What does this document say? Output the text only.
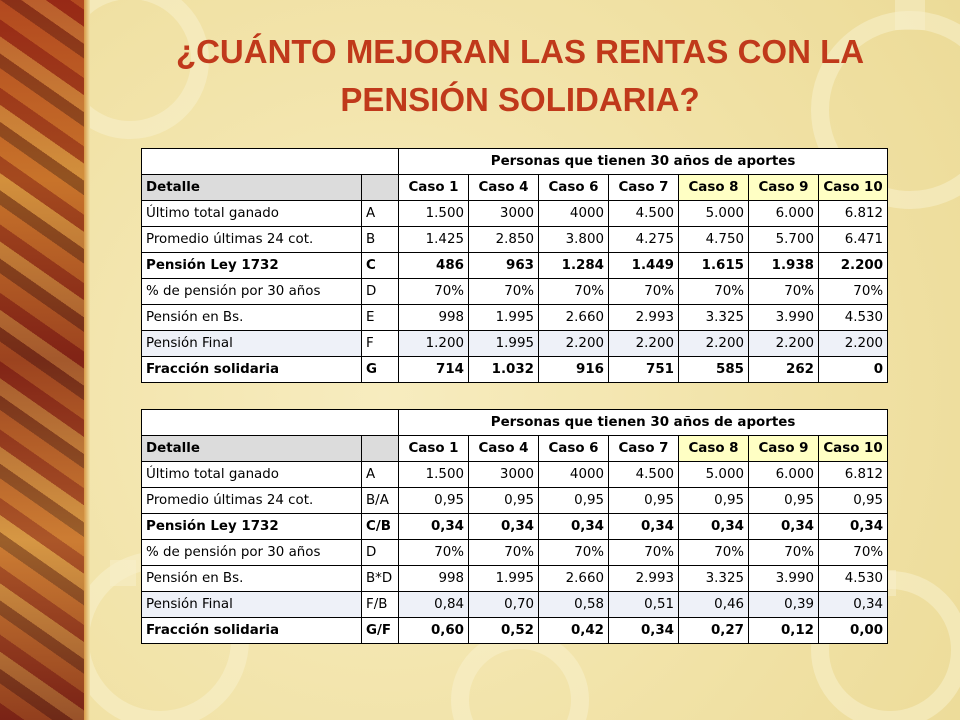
¿CUÁNTO MEJORAN LAS RENTAS CON LA
PENSIÓN SOLIDARIA?
		Personas que tienen 30 años de aportes						
Detalle		Caso 1	Caso 4	Caso 6	Caso 7	Caso 8	Caso 9	Caso 10
Último total ganado	A	1.500	3000	4000	4.500	5.000	6.000	6.812
Promedio últimas 24 cot.	B	1.425	2.850	3.800	4.275	4.750	5.700	6.471
Pensión Ley 1732	C	486	963	1.284	1.449	1.615	1.938	2.200
% de pensión por 30 años	D	70%	70%	70%	70%	70%	70%	70%
Pensión en Bs.	E	998	1.995	2.660	2.993	3.325	3.990	4.530
Pensión Final	F	1.200	1.995	2.200	2.200	2.200	2.200	2.200
Fracción solidaria	G	714	1.032	916	751	585	262	0
		Personas que tienen 30 años de aportes						
Detalle		Caso 1	Caso 4	Caso 6	Caso 7	Caso 8	Caso 9	Caso 10
Último total ganado	A	1.500	3000	4000	4.500	5.000	6.000	6.812
Promedio últimas 24 cot.	B/A	0,95	0,95	0,95	0,95	0,95	0,95	0,95
Pensión Ley 1732	C/B	0,34	0,34	0,34	0,34	0,34	0,34	0,34
% de pensión por 30 años	D	70%	70%	70%	70%	70%	70%	70%
Pensión en Bs.	B*D	998	1.995	2.660	2.993	3.325	3.990	4.530
Pensión Final	F/B	0,84	0,70	0,58	0,51	0,46	0,39	0,34
Fracción solidaria	G/F	0,60	0,52	0,42	0,34	0,27	0,12	0,00
